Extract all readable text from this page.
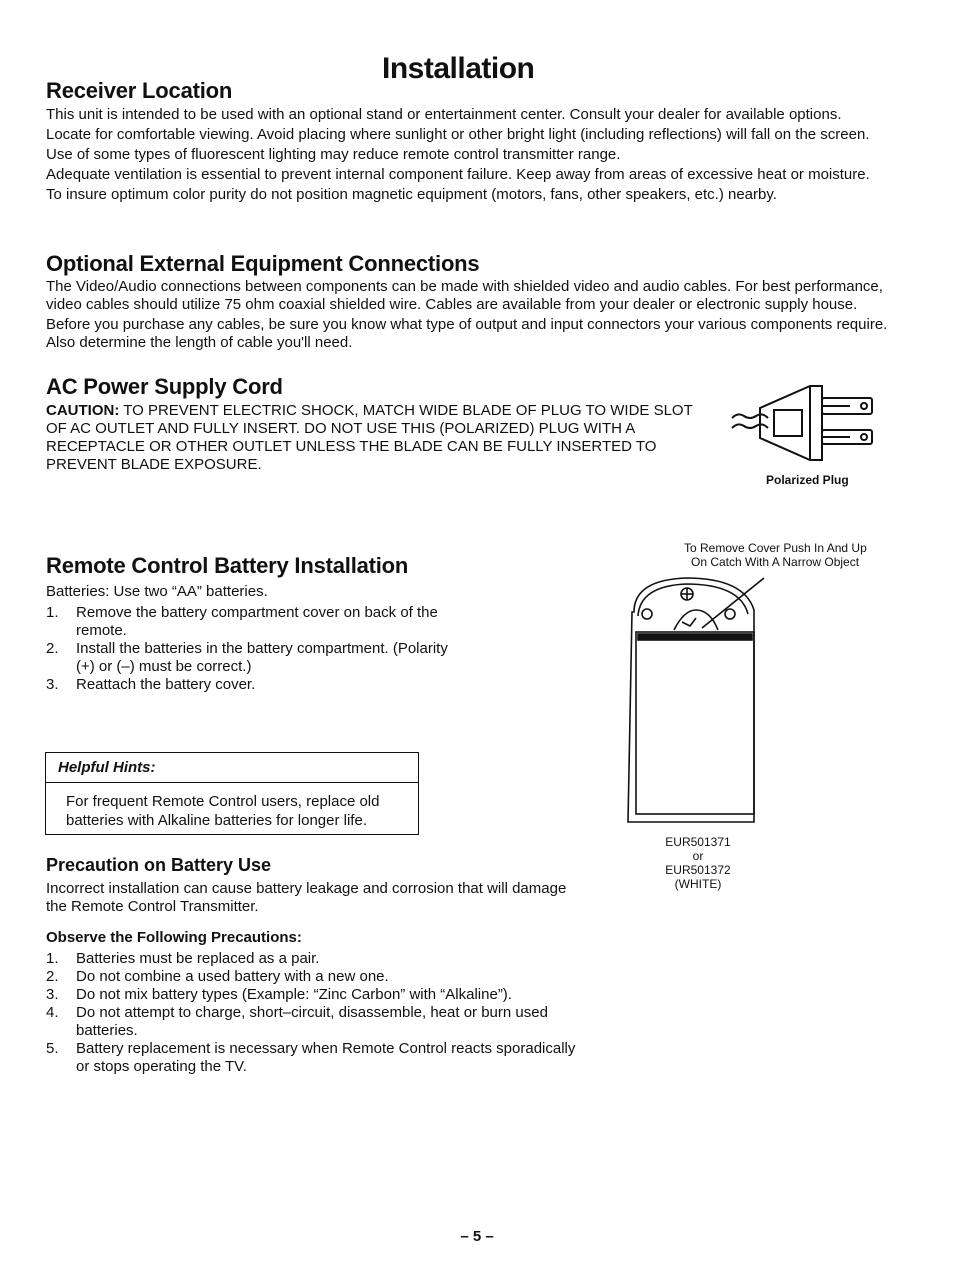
Installation
Receiver Location
This unit is intended to be used with an optional stand or entertainment center. Consult your dealer for available options.
Locate for comfortable viewing. Avoid placing where sunlight or other bright light (including reflections) will fall on the screen.
Use of some types of fluorescent lighting may reduce remote control transmitter range.
Adequate ventilation is essential to prevent internal component failure. Keep away from areas of excessive heat or moisture.
To insure optimum color purity do not position magnetic equipment (motors, fans, other speakers, etc.) nearby.
Optional External Equipment Connections
The Video/Audio connections between components can be made with shielded video and audio cables. For best performance, video cables should utilize 75 ohm coaxial shielded wire. Cables are available from your dealer or electronic supply house.
Before you purchase any cables, be sure you know what type of output and input connectors your various components require. Also determine the length of cable you'll need.
AC Power Supply Cord
CAUTION: TO PREVENT ELECTRIC SHOCK, MATCH WIDE BLADE OF PLUG TO WIDE SLOT OF AC OUTLET AND FULLY INSERT. DO NOT USE THIS (POLARIZED) PLUG WITH A RECEPTACLE OR OTHER OUTLET UNLESS THE BLADE CAN BE FULLY INSERTED TO PREVENT BLADE EXPOSURE.
Polarized Plug
Remote Control Battery Installation
Batteries: Use two “AA” batteries.
1. Remove the battery compartment cover on back of the remote.
2. Install the batteries in the battery compartment. (Polarity (+) or (–) must be correct.)
3. Reattach the battery cover.
To Remove Cover Push In And Up
On Catch With A Narrow Object
EUR501371
or
EUR501372
(WHITE)
Helpful Hints:
For frequent Remote Control users, replace old batteries with Alkaline batteries for longer life.
Precaution on Battery Use
Incorrect installation can cause battery leakage and corrosion that will damage the Remote Control Transmitter.
Observe the Following Precautions:
1. Batteries must be replaced as a pair.
2. Do not combine a used battery with a new one.
3. Do not mix battery types (Example: “Zinc Carbon” with “Alkaline”).
4. Do not attempt to charge, short–circuit, disassemble, heat or burn used batteries.
5. Battery replacement is necessary when Remote Control reacts sporadically or stops operating the TV.
– 5 –
